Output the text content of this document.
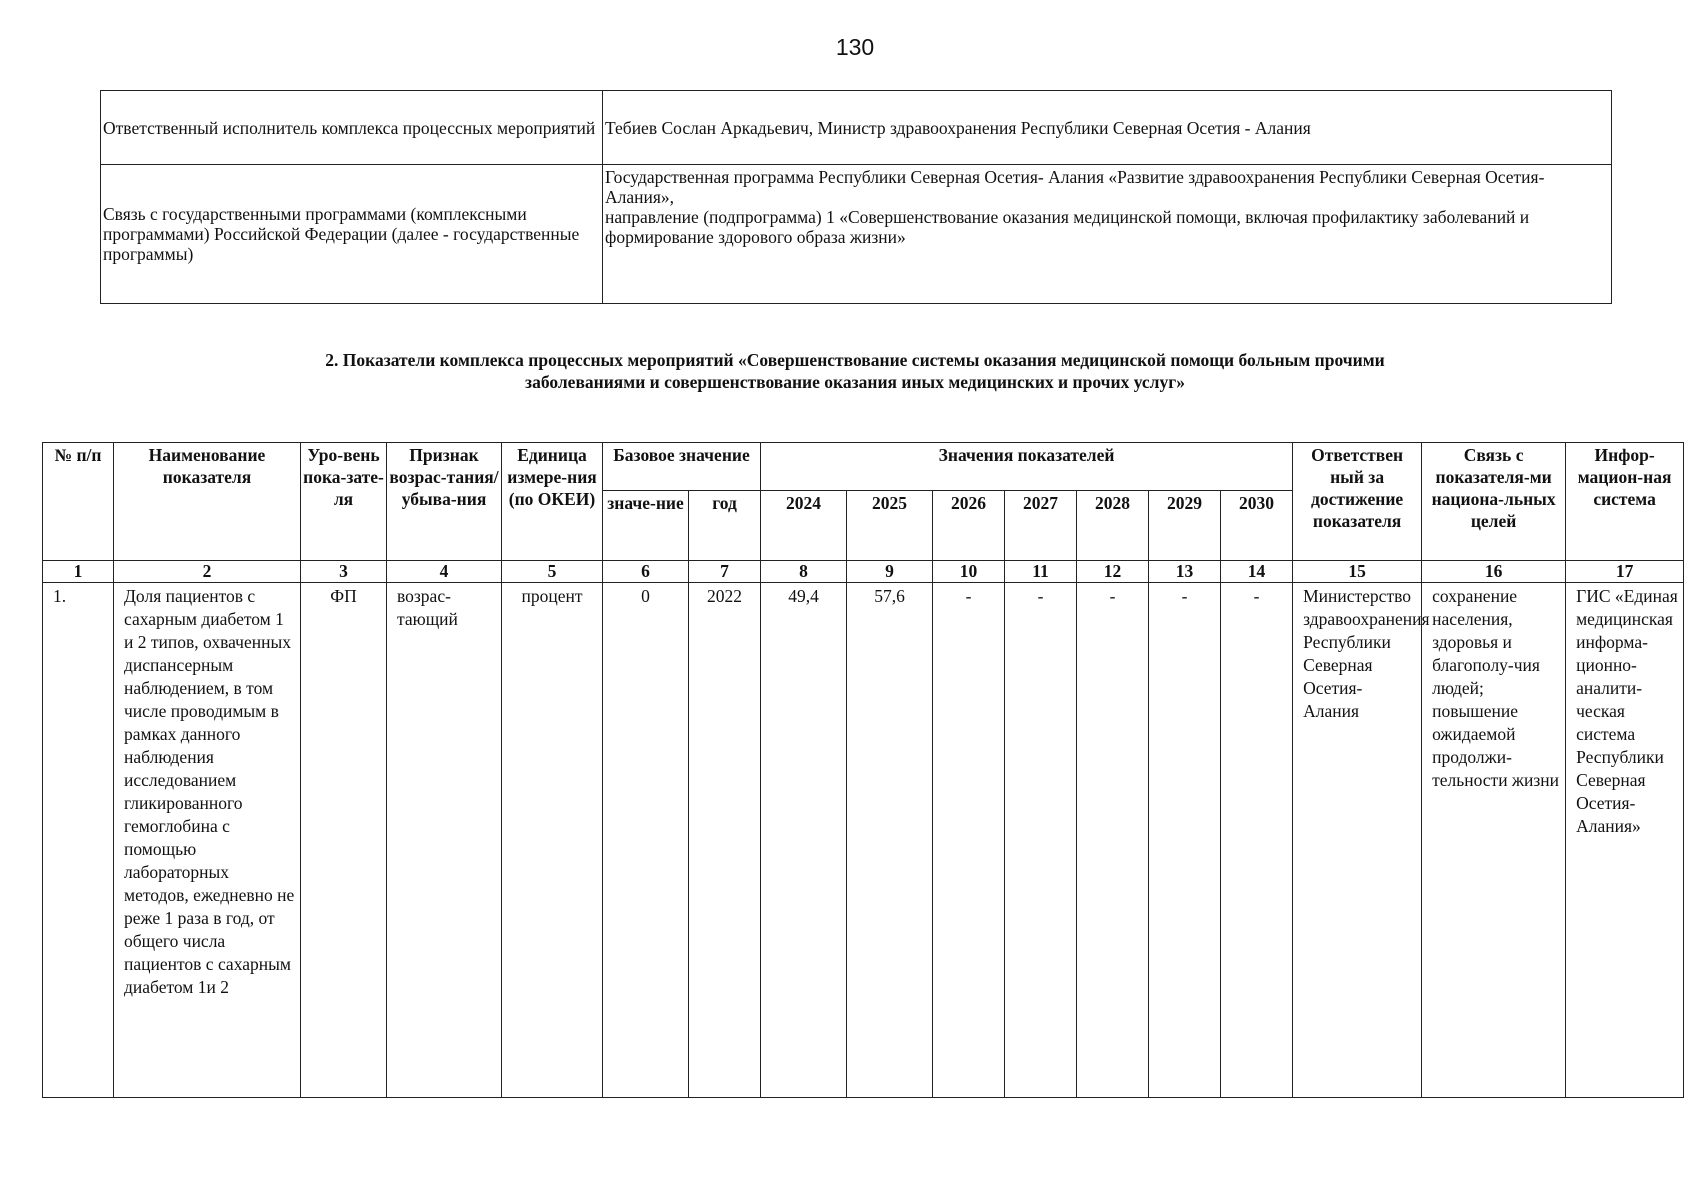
130
Ответственный исполнитель комплекса процессных мероприятий	Тебиев Сослан Аркадьевич, Министр здравоохранения Республики Северная Осетия - Алания

Связь с государственными программами (комплексными программами) Российской Федерации (далее - государственные программы)	Государственная программа Республики Северная Осетия- Алания «Развитие здравоохранения Республики Северная Осетия-Алания»,
направление (подпрограмма) 1 «Совершенствование оказания медицинской помощи, включая профилактику заболеваний и формирование здорового образа жизни»
2. Показатели комплекса процессных мероприятий «Совершенствование системы оказания медицинской помощи больным прочими
заболеваниями и совершенствование оказания иных медицинских и прочих услуг»
№ п/п	Наименование показателя	Уро-вень пока-зате-ля	Признак возрас-тания/ убыва-ния	Единица измере-ния (по ОКЕИ)	Базовое значение		Значения показателей							Ответствен ный за достижение показателя	Связь с показателя-ми национа-льных целей	Инфор-мацион-ная система
					значе-ние	год	2024	2025	2026	2027	2028	2029	2030			
1	2	3	4	5	6	7	8	9	10	11	12	13	14	15	16	17
1.	Доля пациентов с сахарным диабетом 1 и 2 типов, охваченных диспансерным наблюдением, в том числе проводимым в рамках данного наблюдения исследованием гликированного гемоглобина с помощью лабораторных методов, ежедневно не реже 1 раза в год, от общего числа пациентов с сахарным диабетом 1и 2	ФП	возрас-тающий	процент	0	2022	49,4	57,6	-	-	-	-	-	Министерство здравоохранения Республики Северная Осетия-Алания	сохранение населения, здоровья и благополу-чия людей; повышение ожидаемой продолжи-тельности жизни	ГИС «Единая медицинская информа-ционно-аналити-ческая система Республики Северная Осетия-Алания»
